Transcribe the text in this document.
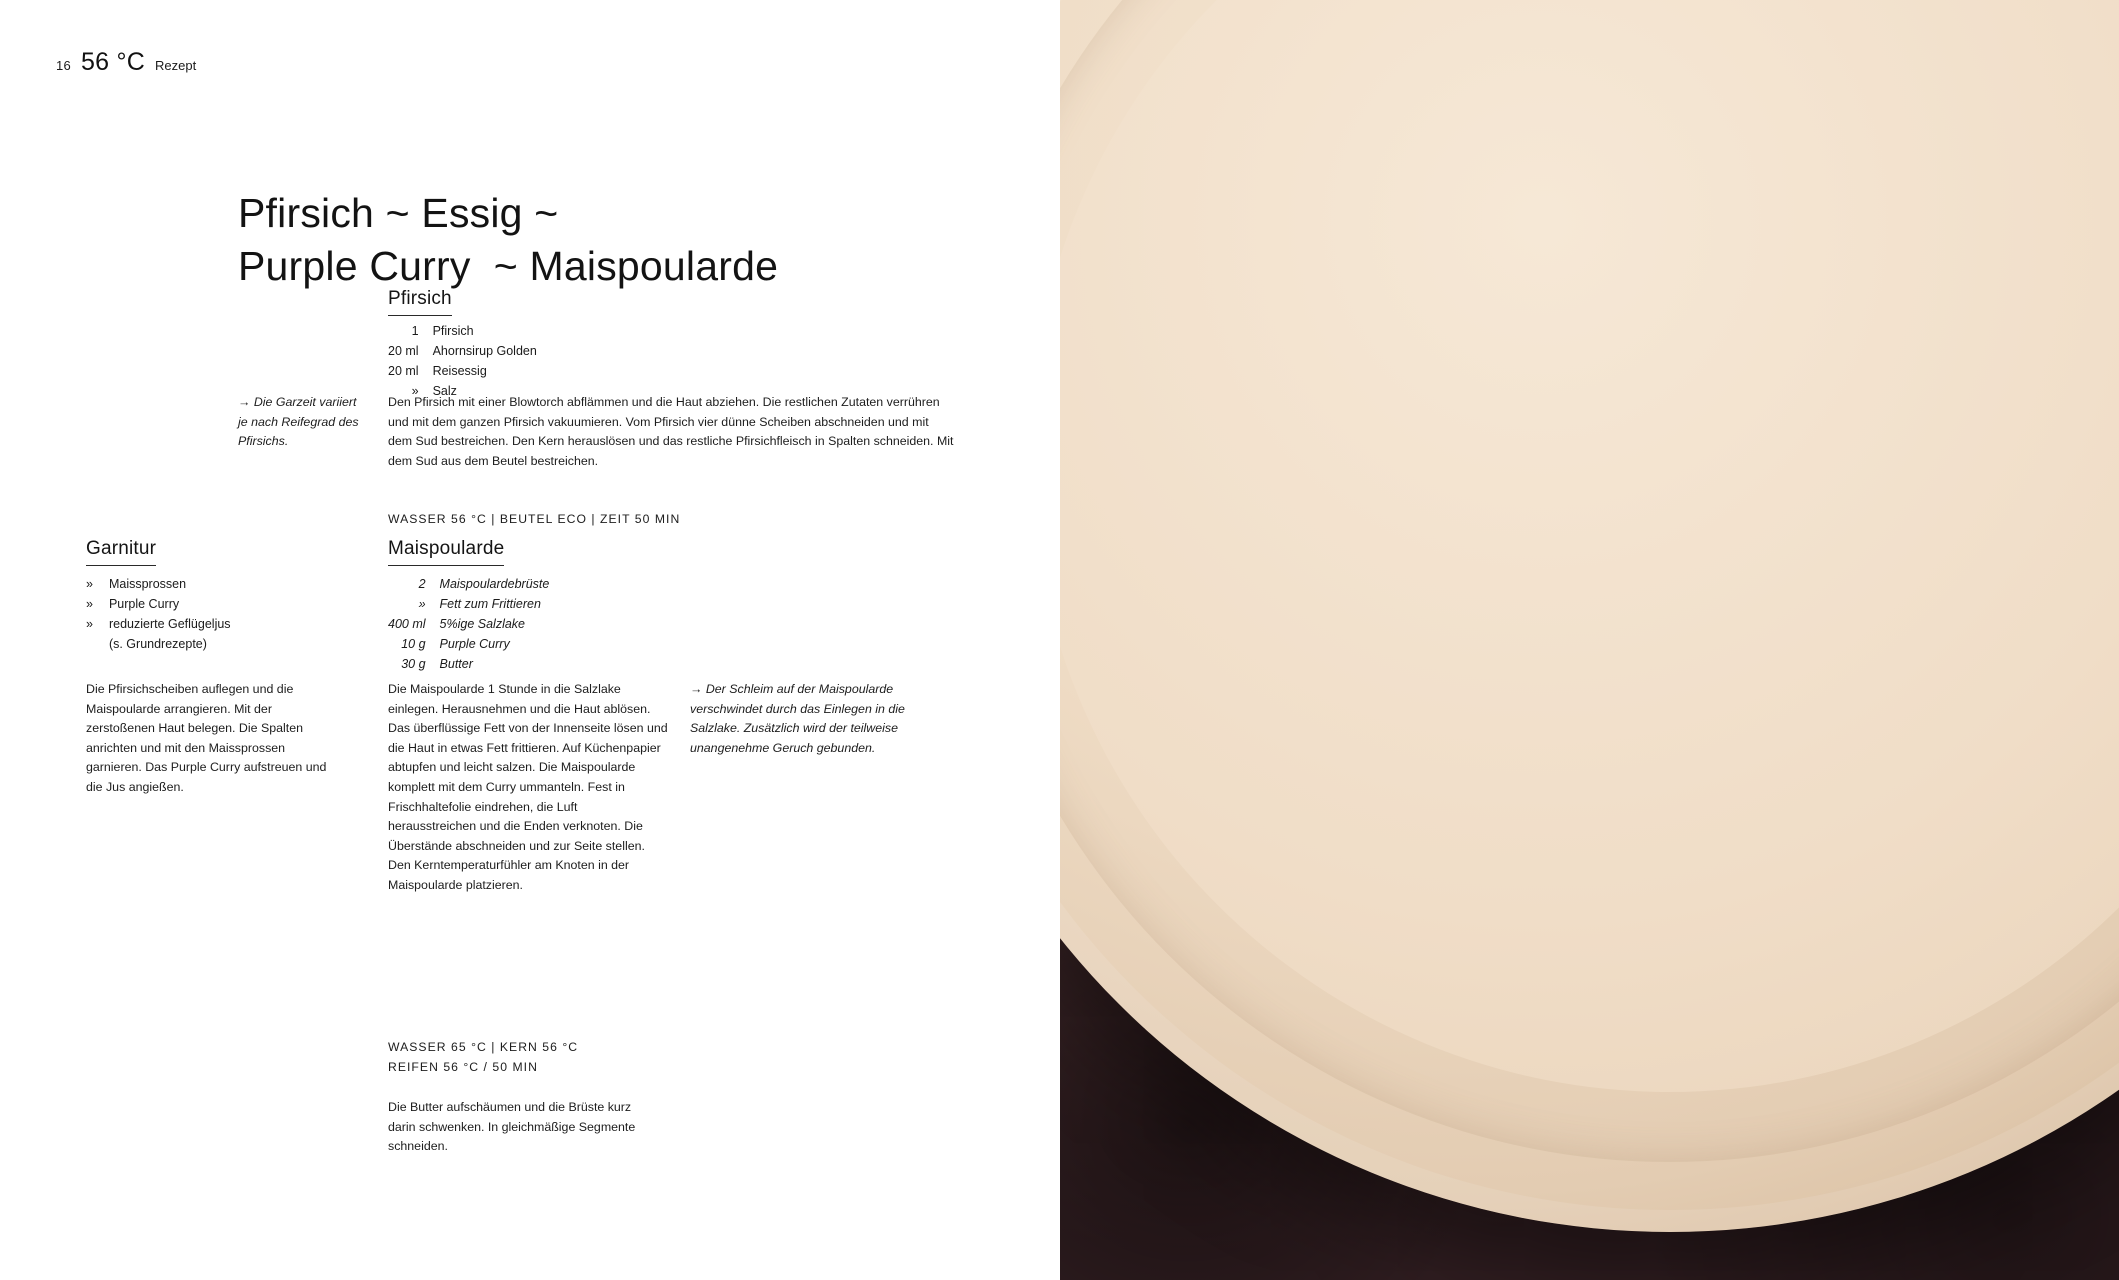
16 56 °C Rezept
Pfirsich ~ Essig ~
Purple Curry  ~ Maispoularde
Pfirsich
1	Pfirsich
20 ml	Ahornsirup Golden
20 ml	Reisessig
»	Salz
→ Die Garzeit variiert je nach Reifegrad des Pfirsichs.
Den Pfirsich mit einer Blowtorch abflämmen und die Haut abziehen. Die restlichen Zutaten verrühren und mit dem ganzen Pfirsich vakuumieren. Vom Pfirsich vier dünne Scheiben abschneiden und mit dem Sud bestreichen. Den Kern herauslösen und das restliche Pfirsichfleisch in Spalten schneiden. Mit dem Sud aus dem Beutel bestreichen.
WASSER 56 °C | BEUTEL ECO | ZEIT 50 MIN
Garnitur
»	Maissprossen
»	Purple Curry
»	reduzierte Geflügeljus
	(s. Grundrezepte)
Die Pfirsichscheiben auflegen und die Maispoularde arrangieren. Mit der zerstoßenen Haut belegen. Die Spalten anrichten und mit den Maissprossen garnieren. Das Purple Curry aufstreuen und die Jus angießen.
Maispoularde
2	Maispoulardebrüste
»	Fett zum Frittieren
400 ml	5%ige Salzlake
10 g	Purple Curry
30 g	Butter
Die Maispoularde 1 Stunde in die Salzlake einlegen. Herausnehmen und die Haut ablösen. Das überflüssige Fett von der Innenseite lösen und die Haut in etwas Fett frittieren. Auf Küchenpapier abtupfen und leicht salzen. Die Maispoularde komplett mit dem Curry ummanteln. Fest in Frischhaltefolie eindrehen, die Luft herausstreichen und die Enden verknoten. Die Überstände abschneiden und zur Seite stellen. Den Kerntemperaturfühler am Knoten in der Maispoularde platzieren.
WASSER 65 °C | KERN 56 °C
REIFEN 56 °C / 50 MIN
Die Butter aufschäumen und die Brüste kurz darin schwenken. In gleichmäßige Segmente schneiden.
→ Der Schleim auf der Maispoularde verschwindet durch das Einlegen in die Salzlake. Zusätzlich wird der teilweise unangenehme Geruch gebunden.
